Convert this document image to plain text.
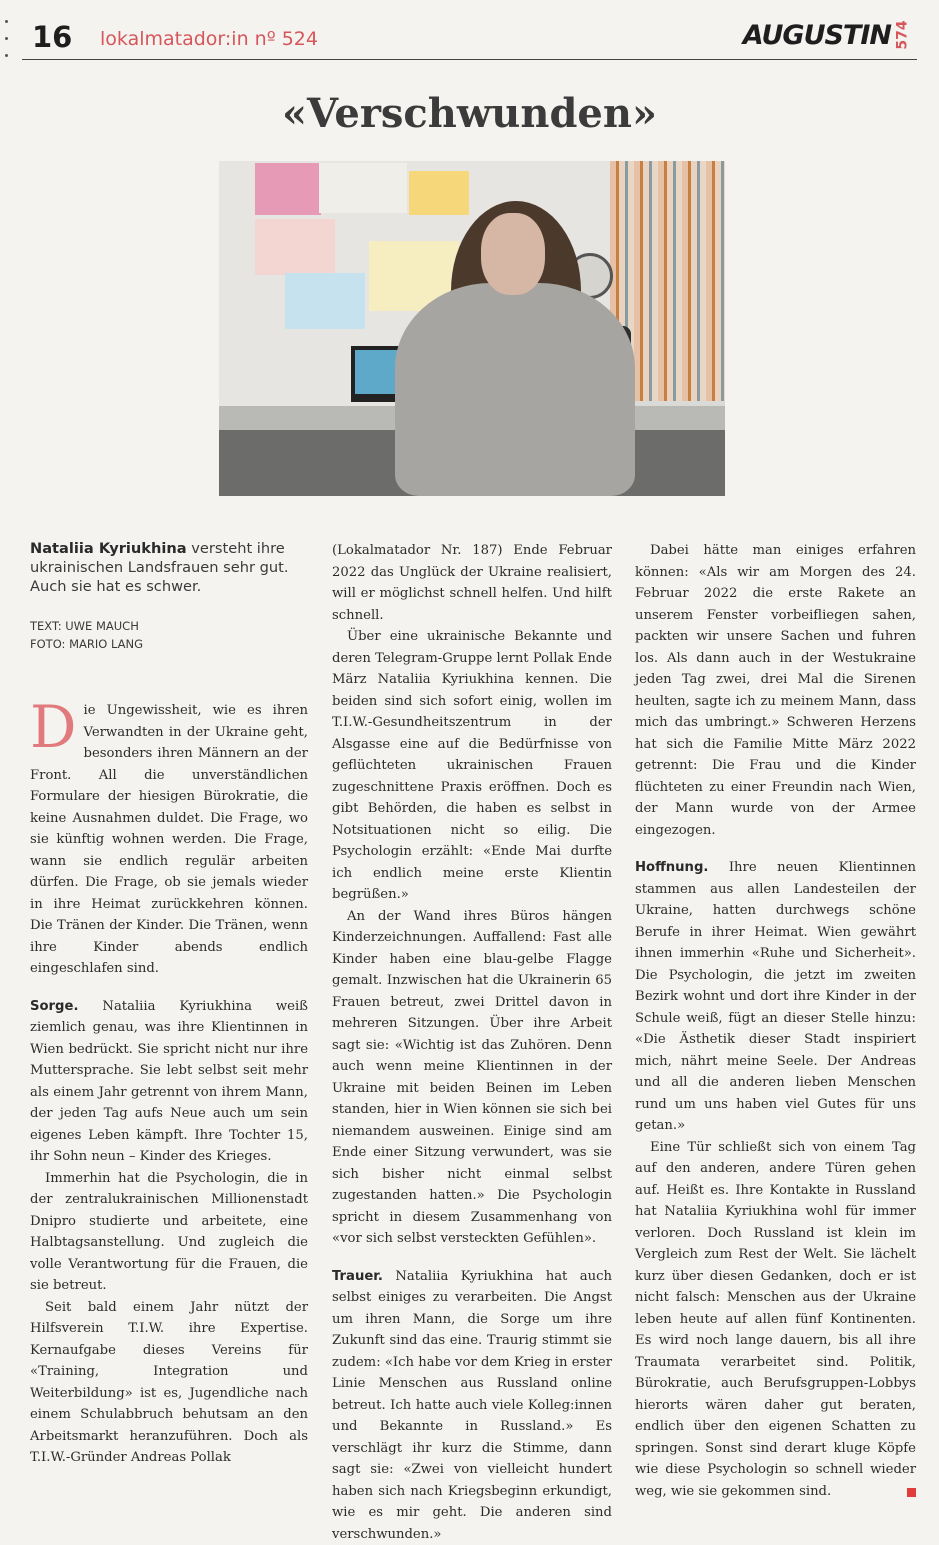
16 lokalmatador:in nº 524	AUGUSTIN 574
«Verschwunden»
Nataliia Kyriukhina versteht ihre ukrainischen Landsfrauen sehr gut. Auch sie hat es schwer.
TEXT: UWE MAUCH
FOTO: MARIO LANG

Die Ungewissheit, wie es ihren Verwandten in der Ukraine geht, besonders ihren Männern an der Front. All die unverständlichen Formulare der hiesigen Bürokratie, die keine Ausnahmen duldet. Die Frage, wo sie künftig wohnen werden. Die Frage, wann sie endlich regulär arbeiten dürfen. Die Frage, ob sie jemals wieder in ihre Heimat zurückkehren können. Die Tränen der Kinder. Die Tränen, wenn ihre Kinder abends endlich eingeschlafen sind.

Sorge. Nataliia Kyriukhina weiß ziemlich genau, was ihre Klientinnen in Wien bedrückt. Sie spricht nicht nur ihre Muttersprache. Sie lebt selbst seit mehr als einem Jahr getrennt von ihrem Mann, der jeden Tag aufs Neue auch um sein eigenes Leben kämpft. Ihre Tochter 15, ihr Sohn neun – Kinder des Krieges.

Immerhin hat die Psychologin, die in der zentralukrainischen Millionenstadt Dnipro studierte und arbeitete, eine Halbtagsanstellung. Und zugleich die volle Verantwortung für die Frauen, die sie betreut.

Seit bald einem Jahr nützt der Hilfsverein T.I.W. ihre Expertise. Kernaufgabe dieses Vereins für «Training, Integration und Weiterbildung» ist es, Jugendliche nach einem Schulabbruch behutsam an den Arbeitsmarkt heranzuführen. Doch als T.I.W.-Gründer Andreas Pollak

(Lokalmatador Nr. 187) Ende Februar 2022 das Unglück der Ukraine realisiert, will er möglichst schnell helfen. Und hilft schnell.

Über eine ukrainische Bekannte und deren Telegram-Gruppe lernt Pollak Ende März Nataliia Kyriukhina kennen. Die beiden sind sich sofort einig, wollen im T.I.W.-Gesundheitszentrum in der Alsgasse eine auf die Bedürfnisse von geflüchteten ukrainischen Frauen zugeschnittene Praxis eröffnen. Doch es gibt Behörden, die haben es selbst in Notsituationen nicht so eilig. Die Psychologin erzählt: «Ende Mai durfte ich endlich meine erste Klientin begrüßen.»

An der Wand ihres Büros hängen Kinderzeichnungen. Auffallend: Fast alle Kinder haben eine blau-gelbe Flagge gemalt. Inzwischen hat die Ukrainerin 65 Frauen betreut, zwei Drittel davon in mehreren Sitzungen. Über ihre Arbeit sagt sie: «Wichtig ist das Zuhören. Denn auch wenn meine Klientinnen in der Ukraine mit beiden Beinen im Leben standen, hier in Wien können sie sich bei niemandem ausweinen. Einige sind am Ende einer Sitzung verwundert, was sie sich bisher nicht einmal selbst zugestanden hatten.» Die Psychologin spricht in diesem Zusammenhang von «vor sich selbst versteckten Gefühlen».

Trauer. Nataliia Kyriukhina hat auch selbst einiges zu verarbeiten. Die Angst um ihren Mann, die Sorge um ihre Zukunft sind das eine. Traurig stimmt sie zudem: «Ich habe vor dem Krieg in erster Linie Menschen aus Russland online betreut. Ich hatte auch viele Kolleg:innen und Bekannte in Russland.» Es verschlägt ihr kurz die Stimme, dann sagt sie: «Zwei von vielleicht hundert haben sich nach Kriegsbeginn erkundigt, wie es mir geht. Die anderen sind verschwunden.»

Dabei hätte man einiges erfahren können: «Als wir am Morgen des 24. Februar 2022 die erste Rakete an unserem Fenster vorbeifliegen sahen, packten wir unsere Sachen und fuhren los. Als dann auch in der Westukraine jeden Tag zwei, drei Mal die Sirenen heulten, sagte ich zu meinem Mann, dass mich das umbringt.» Schweren Herzens hat sich die Familie Mitte März 2022 getrennt: Die Frau und die Kinder flüchteten zu einer Freundin nach Wien, der Mann wurde von der Armee eingezogen.

Hoffnung. Ihre neuen Klientinnen stammen aus allen Landesteilen der Ukraine, hatten durchwegs schöne Berufe in ihrer Heimat. Wien gewährt ihnen immerhin «Ruhe und Sicherheit». Die Psychologin, die jetzt im zweiten Bezirk wohnt und dort ihre Kinder in der Schule weiß, fügt an dieser Stelle hinzu: «Die Ästhetik dieser Stadt inspiriert mich, nährt meine Seele. Der Andreas und all die anderen lieben Menschen rund um uns haben viel Gutes für uns getan.»

Eine Tür schließt sich von einem Tag auf den anderen, andere Türen gehen auf. Heißt es. Ihre Kontakte in Russland hat Nataliia Kyriukhina wohl für immer verloren. Doch Russland ist klein im Vergleich zum Rest der Welt. Sie lächelt kurz über diesen Gedanken, doch er ist nicht falsch: Menschen aus der Ukraine leben heute auf allen fünf Kontinenten. Es wird noch lange dauern, bis all ihre Traumata verarbeitet sind. Politik, Bürokratie, auch Berufsgruppen-Lobbys hierorts wären daher gut beraten, endlich über den eigenen Schatten zu springen. Sonst sind derart kluge Köpfe wie diese Psychologin so schnell wieder weg, wie sie gekommen sind.
